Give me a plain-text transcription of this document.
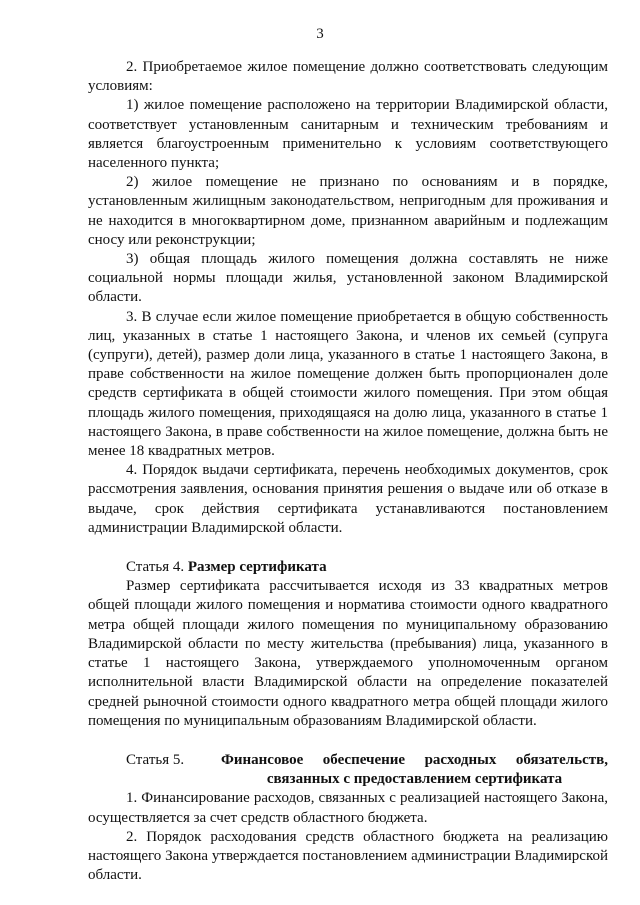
3

2. Приобретаемое жилое помещение должно соответствовать следующим условиям:

1) жилое помещение расположено на территории Владимирской области, соответствует установленным санитарным и техническим требованиям и является благоустроенным применительно к условиям соответствующего населенного пункта;

2) жилое помещение не признано по основаниям и в порядке, установленным жилищным законодательством, непригодным для проживания и не находится в многоквартирном доме, признанном аварийным и подлежащим сносу или реконструкции;

3) общая площадь жилого помещения должна составлять не ниже социальной нормы площади жилья, установленной законом Владимирской области.

3. В случае если жилое помещение приобретается в общую собственность лиц, указанных в статье 1 настоящего Закона, и членов их семьей (супруга (супруги), детей), размер доли лица, указанного в статье 1 настоящего Закона, в праве собственности на жилое помещение должен быть пропорционален доле средств сертификата в общей стоимости жилого помещения. При этом общая площадь жилого помещения, приходящаяся на долю лица, указанного в статье 1 настоящего Закона, в праве собственности на жилое помещение, должна быть не менее 18 квадратных метров.

4. Порядок выдачи сертификата, перечень необходимых документов, срок рассмотрения заявления, основания принятия решения о выдаче или об отказе в выдаче, срок действия сертификата устанавливаются постановлением администрации Владимирской области.

Статья 4. Размер сертификата

Размер сертификата рассчитывается исходя из 33 квадратных метров общей площади жилого помещения и норматива стоимости одного квадратного метра общей площади жилого помещения по муниципальному образованию Владимирской области по месту жительства (пребывания) лица, указанного в статье 1 настоящего Закона, утверждаемого уполномоченным органом исполнительной власти Владимирской области на определение показателей средней рыночной стоимости одного квадратного метра общей площади жилого помещения по муниципальным образованиям Владимирской области.

Статья 5.	Финансовое обеспечение расходных обязательств, связанных с предоставлением сертификата

1. Финансирование расходов, связанных с реализацией настоящего Закона, осуществляется за счет средств областного бюджета.

2. Порядок расходования средств областного бюджета на реализацию настоящего Закона утверждается постановлением администрации Владимирской области.
